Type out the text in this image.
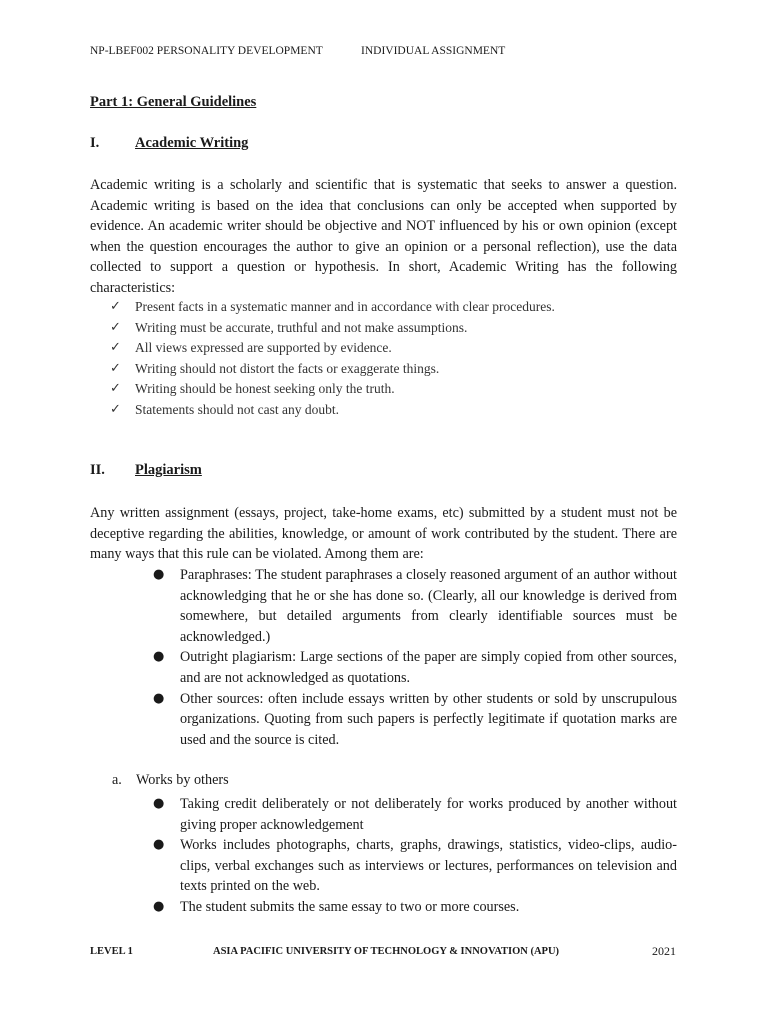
NP-LBEF002 PERSONALITY DEVELOPMENT	INDIVIDUAL ASSIGNMENT
Part 1: General Guidelines
I. Academic Writing
Academic writing is a scholarly and scientific that is systematic that seeks to answer a question. Academic writing is based on the idea that conclusions can only be accepted when supported by evidence. An academic writer should be objective and NOT influenced by his or own opinion (except when the question encourages the author to give an opinion or a personal reflection), use the data collected to support a question or hypothesis. In short, Academic Writing has the following characteristics:
✓ Present facts in a systematic manner and in accordance with clear procedures.
✓ Writing must be accurate, truthful and not make assumptions.
✓ All views expressed are supported by evidence.
✓ Writing should not distort the facts or exaggerate things.
✓ Writing should be honest seeking only the truth.
✓ Statements should not cast any doubt.
II. Plagiarism
Any written assignment (essays, project, take-home exams, etc) submitted by a student must not be deceptive regarding the abilities, knowledge, or amount of work contributed by the student. There are many ways that this rule can be violated. Among them are:
● Paraphrases: The student paraphrases a closely reasoned argument of an author without acknowledging that he or she has done so. (Clearly, all our knowledge is derived from somewhere, but detailed arguments from clearly identifiable sources must be acknowledged.)
● Outright plagiarism: Large sections of the paper are simply copied from other sources, and are not acknowledged as quotations.
● Other sources: often include essays written by other students or sold by unscrupulous organizations. Quoting from such papers is perfectly legitimate if quotation marks are used and the source is cited.
a. Works by others
● Taking credit deliberately or not deliberately for works produced by another without giving proper acknowledgement
● Works includes photographs, charts, graphs, drawings, statistics, video-clips, audio-clips, verbal exchanges such as interviews or lectures, performances on television and texts printed on the web.
● The student submits the same essay to two or more courses.
LEVEL 1	ASIA PACIFIC UNIVERSITY OF TECHNOLOGY & INNOVATION (APU)	2021
